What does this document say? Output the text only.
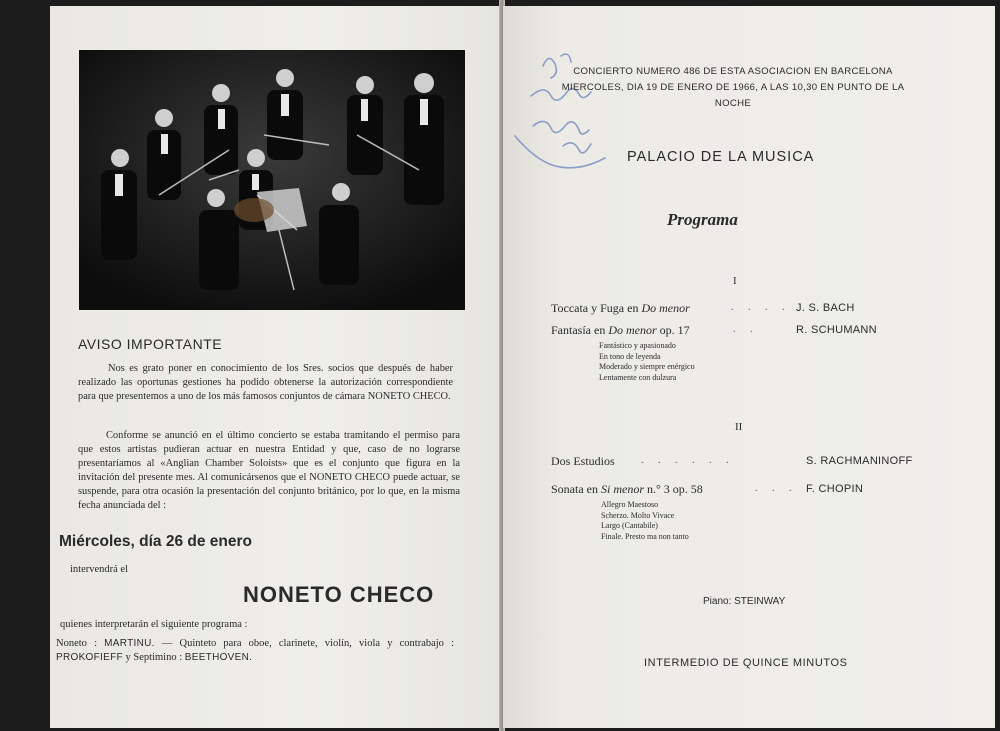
AVISO IMPORTANTE
Nos es grato poner en conocimiento de los Sres. socios que después de haber realizado las oportunas gestiones ha podido obtenerse la autorización correspondiente para que presentemos a uno de los más famosos conjuntos de cámara NONETO CHECO.
Conforme se anunció en el último concierto se estaba tramitando el permiso para que estos artistas pudieran actuar en nuestra Entidad y que, caso de no lograrse presentaríamos al «Anglian Chamber Soloists» que es el conjunto que figura en la invitación del presente mes. Al comunicársenos que el NONETO CHECO puede actuar, se suspende, para otra ocasión la presentación del conjunto británico, por lo que, en la misma fecha anunciada del :
Miércoles, día 26 de enero
intervendrá el
NONETO CHECO
quienes interpretarán el siguiente programa :
Noneto : MARTINU. — Quinteto para oboe, clarinete, violín, viola y contrabajo : PROKOFIEFF y Septimino : BEETHOVEN.
CONCIERTO NUMERO 486 DE ESTA ASOCIACION EN BARCELONA MIERCOLES, DIA 19 DE ENERO DE 1966, A LAS 10,30 EN PUNTO DE LA NOCHE
PALACIO DE LA MUSICA
Programa
I
Toccata y Fuga en Do menor	. . . . J. S. BACH
Fantasía en Do menor op. 17	. .	R. SCHUMANN
Fantástico y apasionado
En tono de leyenda
Moderado y siempre enérgico
Lentamente con dulzura
II
Dos Estudios	. . . . . .	S. RACHMANINOFF
Sonata en Si menor n.° 3 op. 58	. . . F. CHOPIN
Allegro Maestoso
Scherzo. Molto Vivace
Largo (Cantabile)
Finale. Presto ma non tanto
Piano: STEINWAY
INTERMEDIO DE QUINCE MINUTOS
